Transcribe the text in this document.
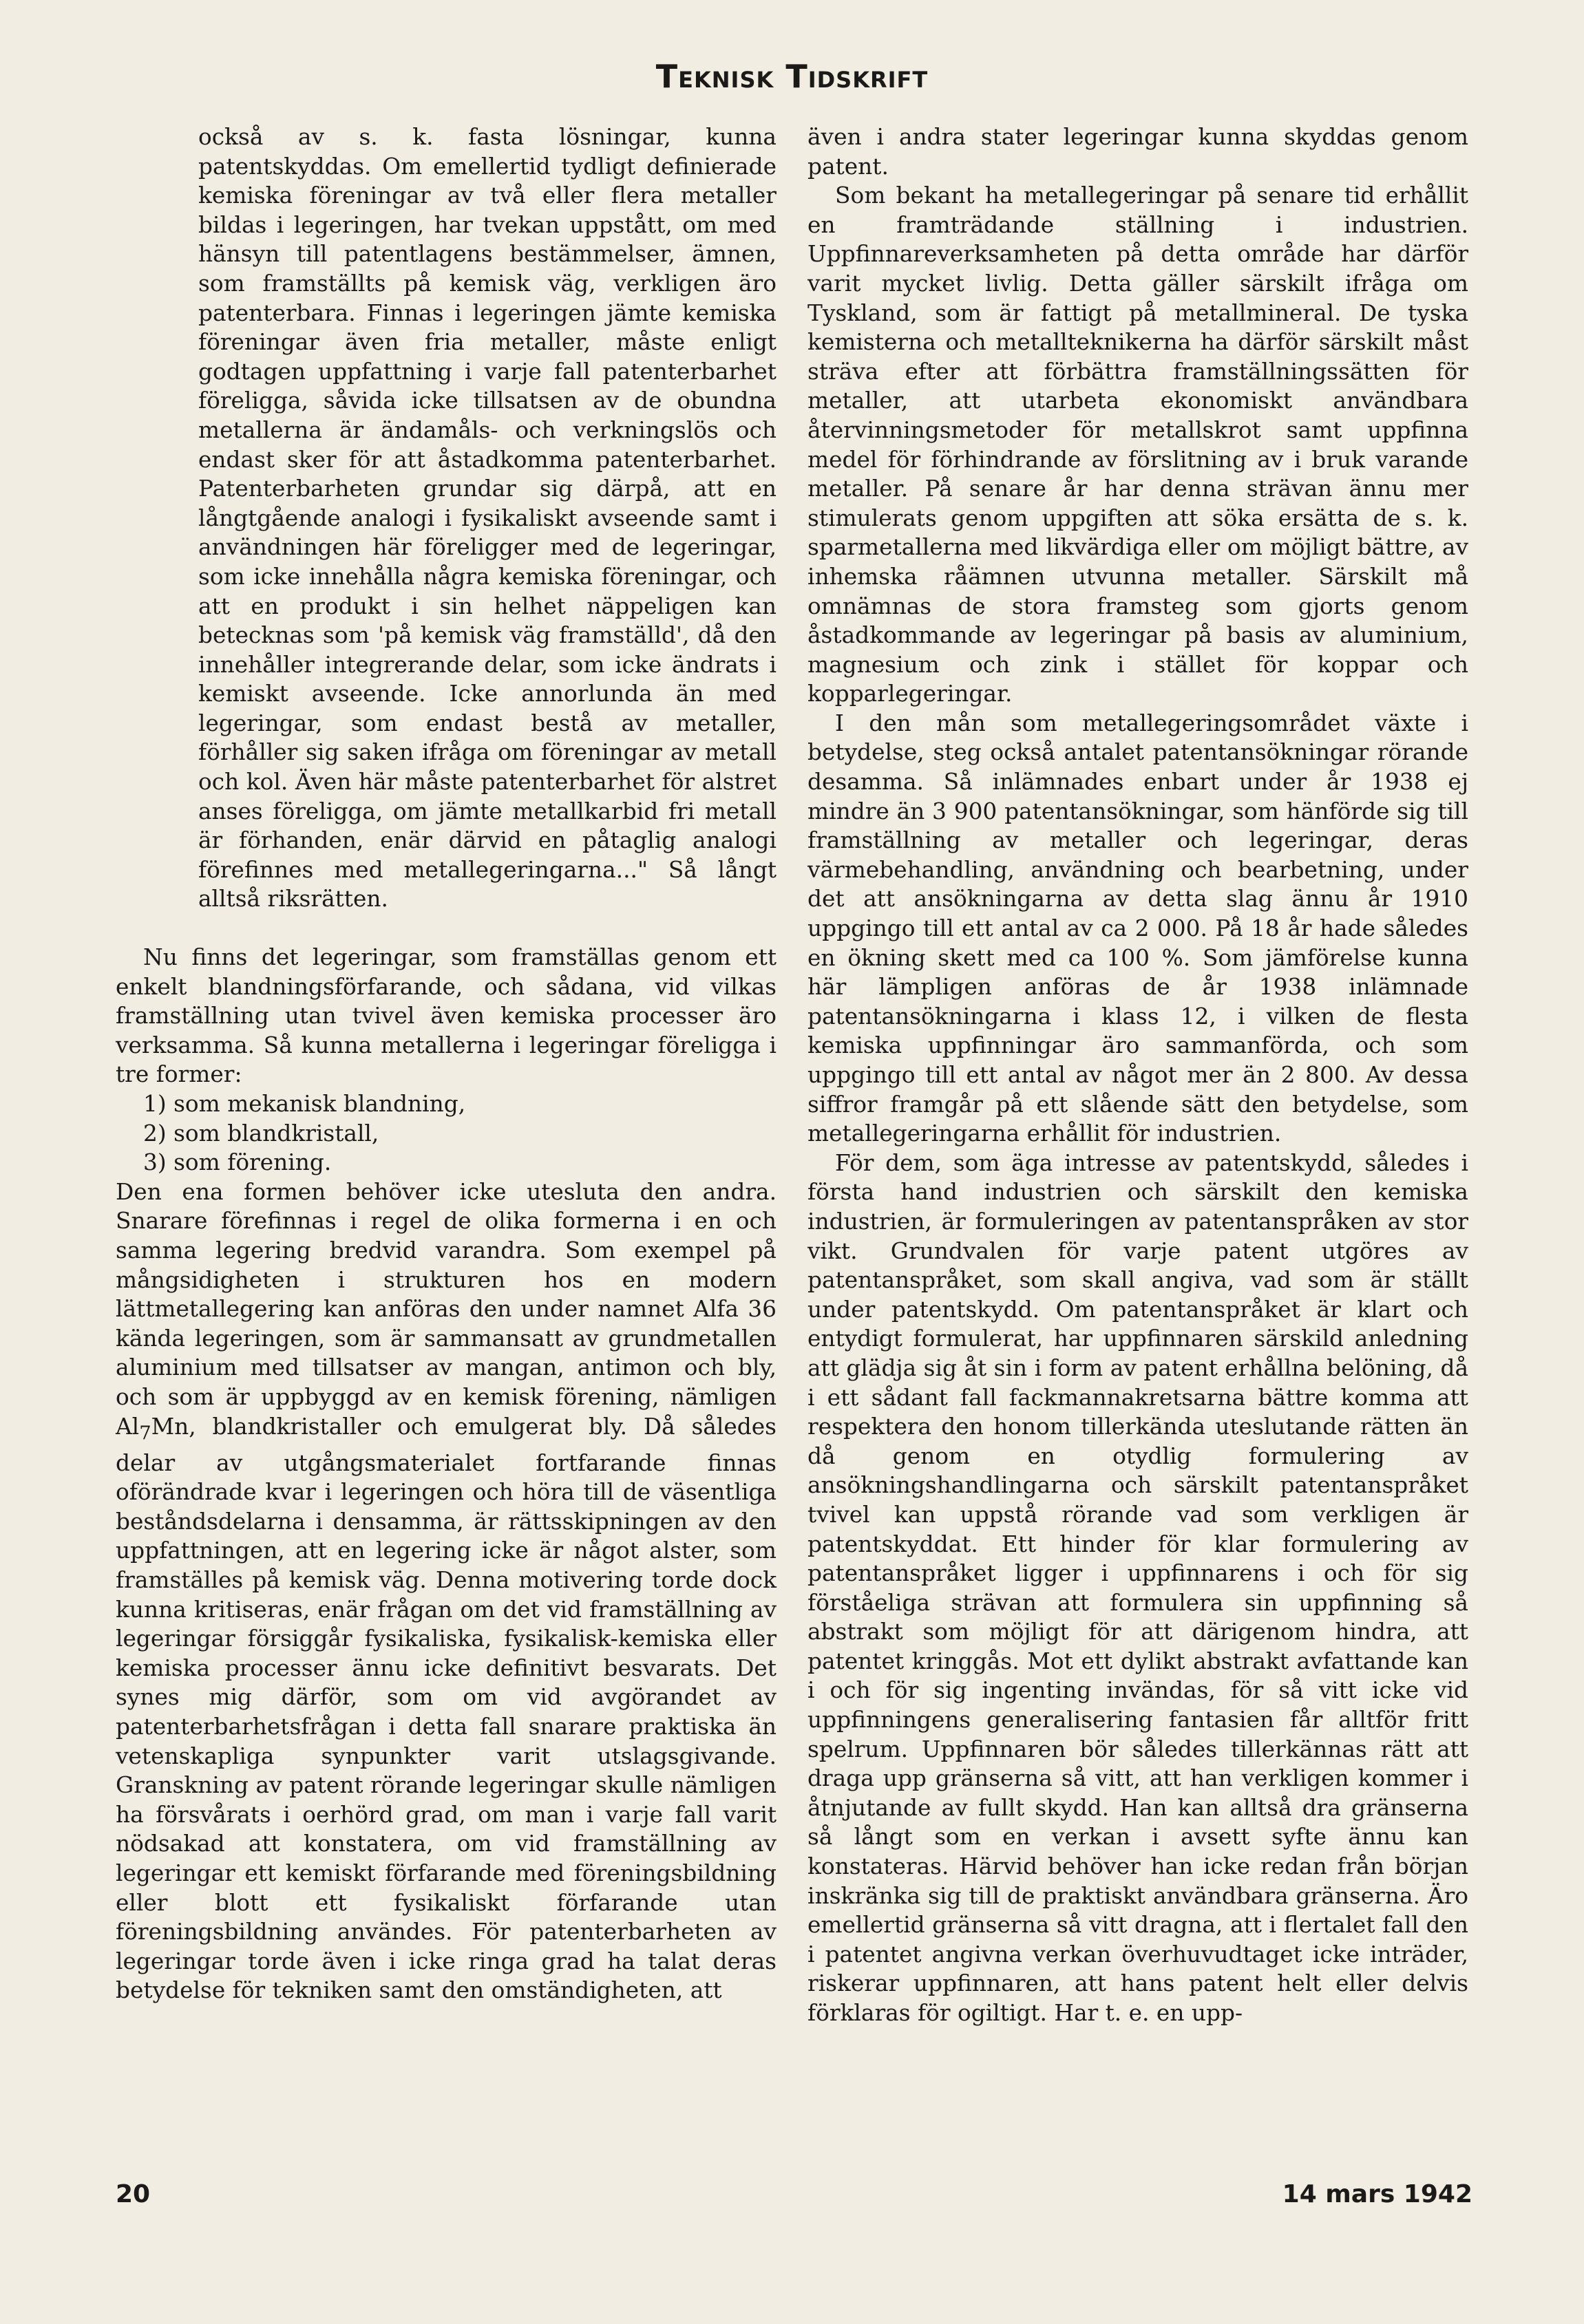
Teknisk Tidskrift

också av s. k. fasta lösningar, kunna patentskyddas. Om emellertid tydligt definierade kemiska föreningar av två eller flera metaller bildas i legeringen, har tvekan uppstått, om med hänsyn till patentlagens bestämmelser, ämnen, som framställts på kemisk väg, verkligen äro patenterbara. Finnas i legeringen jämte kemiska föreningar även fria metaller, måste enligt godtagen uppfattning i varje fall patenterbarhet föreligga, såvida icke tillsatsen av de obundna metallerna är ändamåls- och verkningslös och endast sker för att åstadkomma patenterbarhet. Patenterbarheten grundar sig därpå, att en långtgående analogi i fysikaliskt avseende samt i användningen här föreligger med de legeringar, som icke innehålla några kemiska föreningar, och att en produkt i sin helhet näppeligen kan betecknas som 'på kemisk väg framställd', då den innehåller integrerande delar, som icke ändrats i kemiskt avseende. Icke annorlunda än med legeringar, som endast bestå av metaller, förhåller sig saken ifråga om föreningar av metall och kol. Även här måste patenterbarhet för alstret anses föreligga, om jämte metallkarbid fri metall är förhanden, enär därvid en påtaglig analogi förefinnes med metallegeringarna..." Så långt alltså riksrätten.

Nu finns det legeringar, som framställas genom ett enkelt blandningsförfarande, och sådana, vid vilkas framställning utan tvivel även kemiska processer äro verksamma. Så kunna metallerna i legeringar föreligga i tre former:

1) som mekanisk blandning,

2) som blandkristall,

3) som förening.

Den ena formen behöver icke utesluta den andra. Snarare förefinnas i regel de olika formerna i en och samma legering bredvid varandra. Som exempel på mångsidigheten i strukturen hos en modern lättmetallegering kan anföras den under namnet Alfa 36 kända legeringen, som är sammansatt av grundmetallen aluminium med tillsatser av mangan, antimon och bly, och som är uppbyggd av en kemisk förening, nämligen $Al_7Mn$, blandkristaller och emulgerat bly. Då således delar av utgångsmaterialet fortfarande finnas oförändrade kvar i legeringen och höra till de väsentliga beståndsdelarna i densamma, är rättsskipningen av den uppfattningen, att en legering icke är något alster, som framställes på kemisk väg. Denna motivering torde dock kunna kritiseras, enär frågan om det vid framställning av legeringar försiggår fysikaliska, fysikalisk-kemiska eller kemiska processer ännu icke definitivt besvarats. Det synes mig därför, som om vid avgörandet av patenterbarhetsfrågan i detta fall snarare praktiska än vetenskapliga synpunkter varit utslagsgivande. Granskning av patent rörande legeringar skulle nämligen ha försvårats i oerhörd grad, om man i varje fall varit nödsakad att konstatera, om vid framställning av legeringar ett kemiskt förfarande med föreningsbildning eller blott ett fysikaliskt förfarande utan föreningsbildning användes. För patenterbarheten av legeringar torde även i icke ringa grad ha talat deras betydelse för tekniken samt den omständigheten, att

även i andra stater legeringar kunna skyddas genom patent.

Som bekant ha metallegeringar på senare tid erhållit en framträdande ställning i industrien. Uppfinnareverksamheten på detta område har därför varit mycket livlig. Detta gäller särskilt ifråga om Tyskland, som är fattigt på metallmineral. De tyska kemisterna och metallteknikerna ha därför särskilt måst sträva efter att förbättra framställningssätten för metaller, att utarbeta ekonomiskt användbara återvinningsmetoder för metallskrot samt uppfinna medel för förhindrande av förslitning av i bruk varande metaller. På senare år har denna strävan ännu mer stimulerats genom uppgiften att söka ersätta de s. k. sparmetallerna med likvärdiga eller om möjligt bättre, av inhemska råämnen utvunna metaller. Särskilt må omnämnas de stora framsteg som gjorts genom åstadkommande av legeringar på basis av aluminium, magnesium och zink i stället för koppar och kopparlegeringar.

I den mån som metallegeringsområdet växte i betydelse, steg också antalet patentansökningar rörande desamma. Så inlämnades enbart under år 1938 ej mindre än 3 900 patentansökningar, som hänförde sig till framställning av metaller och legeringar, deras värmebehandling, användning och bearbetning, under det att ansökningarna av detta slag ännu år 1910 uppgingo till ett antal av ca 2 000. På 18 år hade således en ökning skett med ca 100 %. Som jämförelse kunna här lämpligen anföras de år 1938 inlämnade patentansökningarna i klass 12, i vilken de flesta kemiska uppfinningar äro sammanförda, och som uppgingo till ett antal av något mer än 2 800. Av dessa siffror framgår på ett slående sätt den betydelse, som metallegeringarna erhållit för industrien.

För dem, som äga intresse av patentskydd, således i första hand industrien och särskilt den kemiska industrien, är formuleringen av patentanspråken av stor vikt. Grundvalen för varje patent utgöres av patentanspråket, som skall angiva, vad som är ställt under patentskydd. Om patentanspråket är klart och entydigt formulerat, har uppfinnaren särskild anledning att glädja sig åt sin i form av patent erhållna belöning, då i ett sådant fall fackmannakretsarna bättre komma att respektera den honom tillerkända uteslutande rätten än då genom en otydlig formulering av ansökningshandlingarna och särskilt patentanspråket tvivel kan uppstå rörande vad som verkligen är patentskyddat. Ett hinder för klar formulering av patentanspråket ligger i uppfinnarens i och för sig förståeliga strävan att formulera sin uppfinning så abstrakt som möjligt för att därigenom hindra, att patentet kringgås. Mot ett dylikt abstrakt avfattande kan i och för sig ingenting invändas, för så vitt icke vid uppfinningens generalisering fantasien får alltför fritt spelrum. Uppfinnaren bör således tillerkännas rätt att draga upp gränserna så vitt, att han verkligen kommer i åtnjutande av fullt skydd. Han kan alltså dra gränserna så långt som en verkan i avsett syfte ännu kan konstateras. Härvid behöver han icke redan från början inskränka sig till de praktiskt användbara gränserna. Äro emellertid gränserna så vitt dragna, att i flertalet fall den i patentet angivna verkan överhuvudtaget icke inträder, riskerar uppfinnaren, att hans patent helt eller delvis förklaras för ogiltigt. Har t. e. en upp-

20	14 mars 1942
